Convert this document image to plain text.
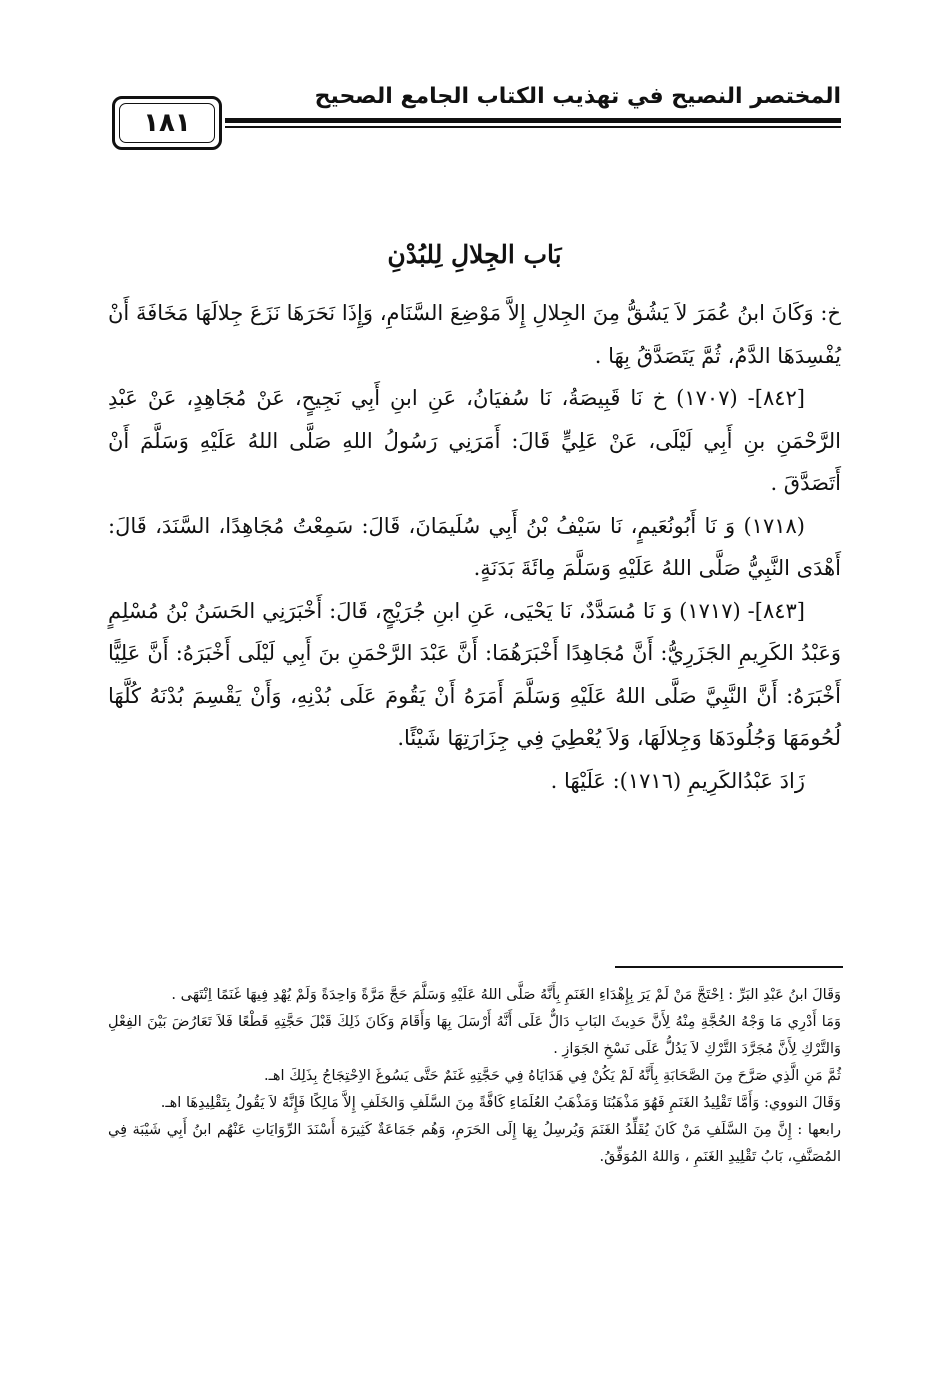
المختصر النصيح في تهذيب الكتاب الجامع الصحيح
١٨١
بَاب الجِلالِ لِلبُدْنِ

خ: وَكَانَ ابنُ عُمَرَ لاَ يَشُقُّ مِنَ الجِلالِ إِلاَّ مَوْضِعَ السَّنَامِ، وَإِذَا نَحَرَهَا نَزَعَ جِلالَهَا مَخَافَةَ أَنْ يُفْسِدَهَا الدَّمُ، ثُمَّ يَتَصَدَّقُ بِهَا .

[٨٤٢]- (١٧٠٧) خ نَا قَبِيصَةُ، نَا سُفيَانُ، عَنِ ابنِ أَبِي نَجِيحٍ، عَنْ مُجَاهِدٍ، عَنْ عَبْدِ الرَّحْمَنِ بنِ أَبِي لَيْلَى، عَنْ عَلِيٍّ قَالَ: أَمَرَنِي رَسُولُ اللهِ صَلَّى اللهُ عَلَيْهِ وَسَلَّمَ أَنْ أَتَصَدَّقَ .

(١٧١٨) وَ نَا أَبُونُعَيمٍ، نَا سَيْفُ بْنُ أَبِي سُلَيمَانَ، قَالَ: سَمِعْتُ مُجَاهِدًا، السَّنَدَ، قَالَ: أَهْدَى النَّبِيُّ صَلَّى اللهُ عَلَيْهِ وَسَلَّمَ مِائَةَ بَدَنَةٍ.

[٨٤٣]- (١٧١٧) وَ نَا مُسَدَّدٌ، نَا يَحْيَى، عَنِ ابنِ جُرَيْجٍ، قَالَ: أَخْبَرَنِي الحَسَنُ بْنُ مُسْلِمٍ وَعَبْدُ الكَرِيمِ الجَزَرِيُّ: أَنَّ مُجَاهِدًا أَخْبَرَهُمَا: أَنَّ عَبْدَ الرَّحْمَنِ بنَ أَبِي لَيْلَى أَخْبَرَهُ: أَنَّ عَلِيًّا أَخْبَرَهُ: أَنَّ النَّبِيَّ صَلَّى اللهُ عَلَيْهِ وَسَلَّمَ أَمَرَهُ أَنْ يَقُومَ عَلَى بُدْنِهِ، وَأَنْ يَقْسِمَ بُدْنَهُ كُلَّهَا لُحُومَهَا وَجُلُودَهَا وَجِلالَهَا، وَلاَ يُعْطِيَ فِي جِزَارَتِهَا شَيْئًا.

زَادَ عَبْدُالكَرِيمِ (١٧١٦): عَلَيْهَا .

وَقَالَ ابنُ عَبْدِ البَرِّ : اِحْتَجَّ مَنْ لَمْ يَرَ بِإِهْدَاءِ الغَنَمِ بِأَنَّهُ صَلَّى اللهُ عَلَيْهِ وَسَلَّمَ حَجَّ مَرَّةً وَاحِدَةً وَلَمْ يُهْدِ فِيهَا غَنَمًا اِنْتَهَى .

وَمَا أَدْرِي مَا وَجْهُ الحُجَّةِ مِنْهُ لِأَنَّ حَدِيثَ البَابِ دَالٌّ عَلَى أَنَّهُ أَرْسَلَ بِهَا وَأَقَامَ وَكَانَ ذَلِكَ قَبْلَ حَجَّتِهِ قَطْعًا فَلاَ تَعَارُضَ بَيْنَ الفِعْلِ وَالتَّرْكِ لِأَنَّ مُجَرَّدَ التَّرْكِ لاَ يَدُلُّ عَلَى نَسْخِ الجَوَازِ .

ثُمَّ مَنِ الَّذِي صَرَّحَ مِنَ الصَّحَابَةِ بِأَنَّهُ لَمْ يَكُنْ فِي هَدَايَاهُ فِي حَجَّتِهِ غَنَمٌ حَتَّى يَسُوغَ الاِحْتِجَاجُ بِذَلِكَ اهـ.

وَقَالَ النووي: وَأَمَّا تَقْلِيدُ الغَنَمِ فَهُوَ مَذْهَبُنَا وَمَذْهَبُ العُلَمَاءِ كَافَّةً مِنَ السَّلَفِ وَالخَلَفِ إِلاَّ مَالِكًا فَإِنَّهُ لاَ يَقُولُ بِتَقْلِيدِهَا اهـ.

رابعها : إِنَّ مِنَ السَّلَفِ مَنْ كَانَ يُقَلِّدُ الغَنَمَ وَيُرسِلُ بِهَا إِلَى الحَرَمِ، وَهُم جَمَاعَةٌ كَثِيرَة أَسْنَدَ الرِّوَايَاتِ عَنْهُم ابنُ أَبِي شَيْبَة فِي المُصَنَّفِ، بَابُ تَقْلِيدِ الغَنَمِ ، وَاللهُ المُوَفِّقُ.
